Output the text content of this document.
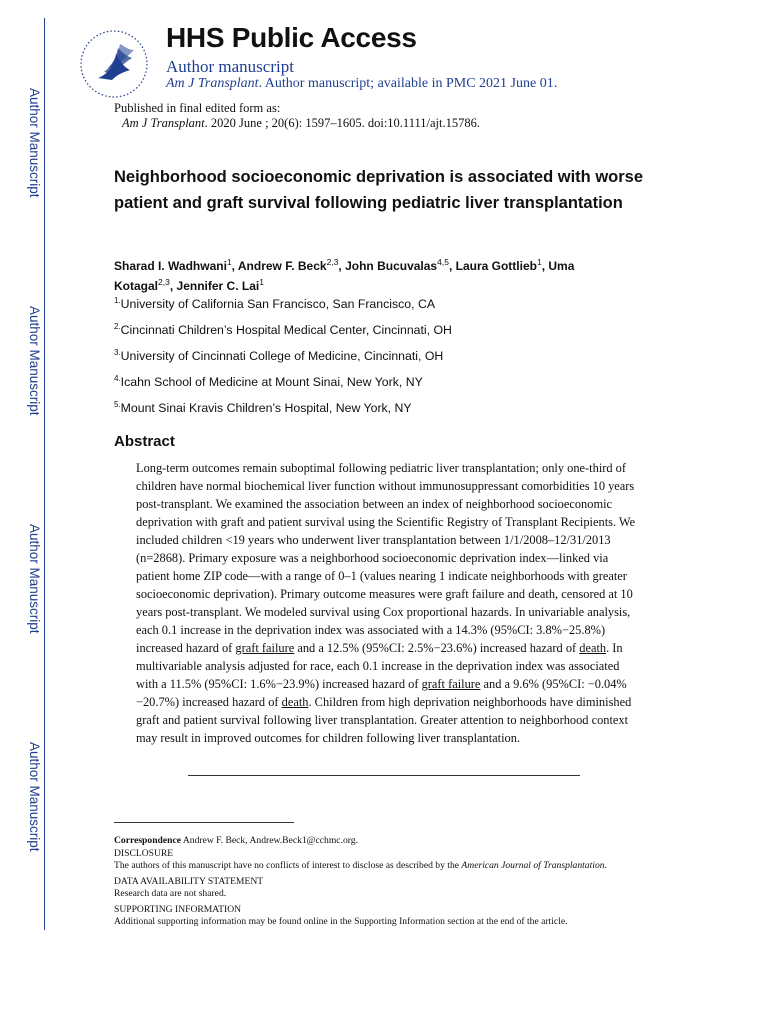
Author Manuscript
Author Manuscript
Author Manuscript
Author Manuscript
HHS Public Access
Author manuscript
Am J Transplant. Author manuscript; available in PMC 2021 June 01.
Published in final edited form as:
Am J Transplant. 2020 June ; 20(6): 1597–1605. doi:10.1111/ajt.15786.
Neighborhood socioeconomic deprivation is associated with worse patient and graft survival following pediatric liver transplantation
Sharad I. Wadhwani$^1$, Andrew F. Beck$^{2,3}$, John Bucuvalas$^{4,5}$, Laura Gottlieb$^1$, Uma Kotagal$^{2,3}$, Jennifer C. Lai$^1$
$^{1.}$University of California San Francisco, San Francisco, CA
$^{2.}$Cincinnati Children’s Hospital Medical Center, Cincinnati, OH
$^{3.}$University of Cincinnati College of Medicine, Cincinnati, OH
$^{4.}$Icahn School of Medicine at Mount Sinai, New York, NY
$^{5.}$Mount Sinai Kravis Children’s Hospital, New York, NY
Abstract
Long-term outcomes remain suboptimal following pediatric liver transplantation; only one-third of children have normal biochemical liver function without immunosuppressant comorbidities 10 years post-transplant. We examined the association between an index of neighborhood socioeconomic deprivation with graft and patient survival using the Scientific Registry of Transplant Recipients. We included children <19 years who underwent liver transplantation between 1/1/2008–12/31/2013 (n=2868). Primary exposure was a neighborhood socioeconomic deprivation index—linked via patient home ZIP code—with a range of 0–1 (values nearing 1 indicate neighborhoods with greater socioeconomic deprivation). Primary outcome measures were graft failure and death, censored at 10 years post-transplant. We modeled survival using Cox proportional hazards. In univariable analysis, each 0.1 increase in the deprivation index was associated with a 14.3% (95%CI: 3.8%−25.8%) increased hazard of graft failure and a 12.5% (95%CI: 2.5%−23.6%) increased hazard of death. In multivariable analysis adjusted for race, each 0.1 increase in the deprivation index was associated with a 11.5% (95%CI: 1.6%−23.9%) increased hazard of graft failure and a 9.6% (95%CI: −0.04%−20.7%) increased hazard of death. Children from high deprivation neighborhoods have diminished graft and patient survival following liver transplantation. Greater attention to neighborhood context may result in improved outcomes for children following liver transplantation.
Correspondence Andrew F. Beck, Andrew.Beck1@cchmc.org.
DISCLOSURE
The authors of this manuscript have no conflicts of interest to disclose as described by the American Journal of Transplantation.
DATA AVAILABILITY STATEMENT
Research data are not shared.
SUPPORTING INFORMATION
Additional supporting information may be found online in the Supporting Information section at the end of the article.
